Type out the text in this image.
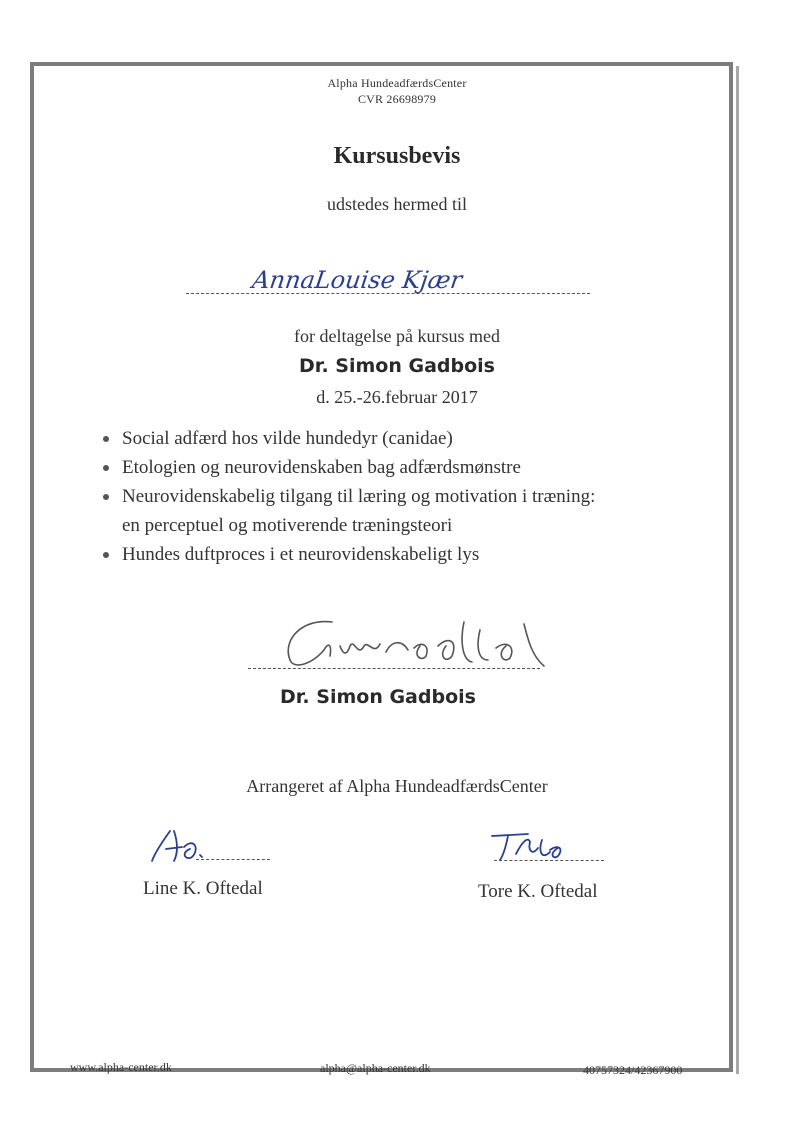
Alpha HundeadfærdsCenter
CVR 26698979
Kursusbevis
udstedes hermed til
AnnaLouise Kjær
for deltagelse på kursus med
Dr. Simon Gadbois
d. 25.-26.februar 2017
Social adfærd hos vilde hundedyr (canidae)
Etologien og neurovidenskaben bag adfærdsmønstre
Neurovidenskabelig tilgang til læring og motivation i træning:
en perceptuel og motiverende træningsteori
Hundes duftproces i et neurovidenskabeligt lys
Dr. Simon Gadbois
Arrangeret af Alpha HundeadfærdsCenter
Line K. Oftedal	Tore K. Oftedal
www.alpha-center.dk	alpha@alpha-center.dk	40757324/42367900
